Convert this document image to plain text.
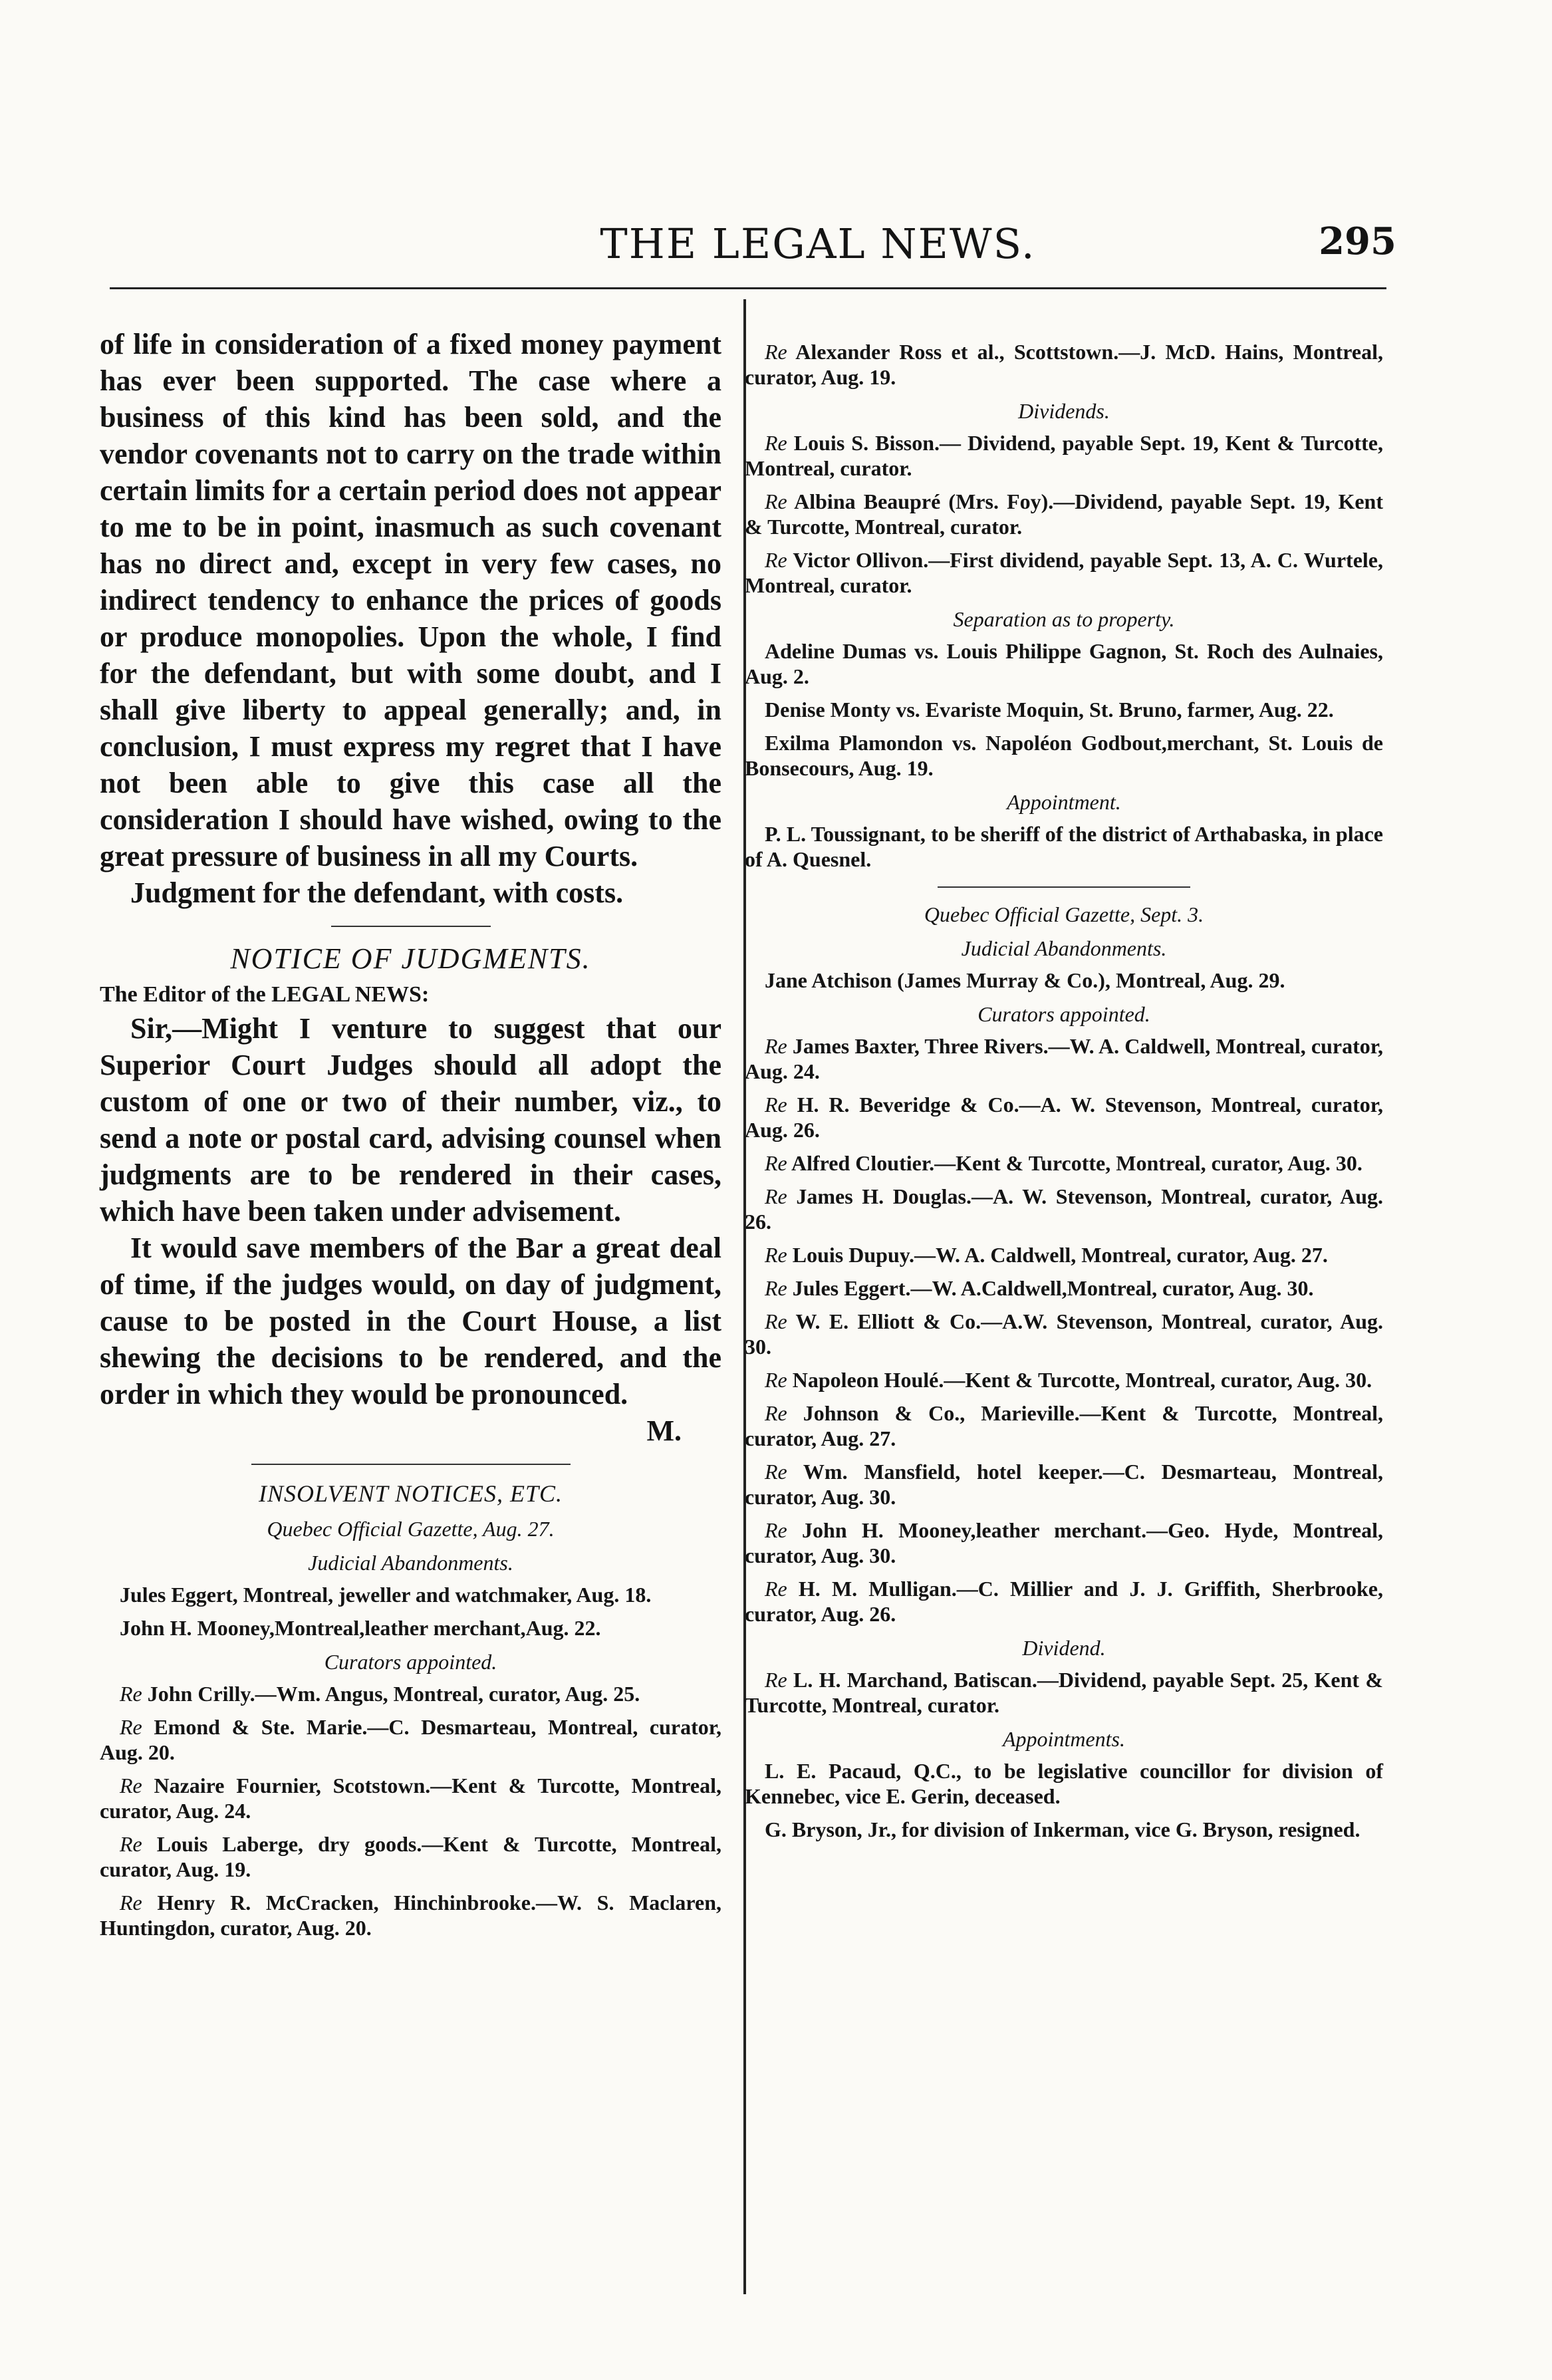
THE LEGAL NEWS.	295

of life in consideration of a fixed money payment has ever been supported. The case where a business of this kind has been sold, and the vendor covenants not to carry on the trade within certain limits for a certain period does not appear to me to be in point, inasmuch as such covenant has no direct and, except in very few cases, no indirect tendency to enhance the prices of goods or produce monopolies. Upon the whole, I find for the defendant, but with some doubt, and I shall give liberty to appeal generally; and, in conclusion, I must express my regret that I have not been able to give this case all the consideration I should have wished, owing to the great pressure of business in all my Courts.

Judgment for the defendant, with costs.

NOTICE OF JUDGMENTS.
The Editor of the LEGAL NEWS:

Sir,—Might I venture to suggest that our Superior Court Judges should all adopt the custom of one or two of their number, viz., to send a note or postal card, advising counsel when judgments are to be rendered in their cases, which have been taken under advisement.

It would save members of the Bar a great deal of time, if the judges would, on day of judgment, cause to be posted in the Court House, a list shewing the decisions to be rendered, and the order in which they would be pronounced.

M.
INSOLVENT NOTICES, ETC.
Quebec Official Gazette, Aug. 27.
Judicial Abandonments.

Jules Eggert, Montreal, jeweller and watchmaker, Aug. 18.

John H. Mooney,Montreal,leather merchant,Aug. 22.

Curators appointed.

Re John Crilly.—Wm. Angus, Montreal, curator, Aug. 25.

Re Emond & Ste. Marie.—C. Desmarteau, Montreal, curator, Aug. 20.

Re Nazaire Fournier, Scotstown.—Kent & Turcotte, Montreal, curator, Aug. 24.

Re Louis Laberge, dry goods.—Kent & Turcotte, Montreal, curator, Aug. 19.

Re Henry R. McCracken, Hinchinbrooke.—W. S. Maclaren, Huntingdon, curator, Aug. 20.

Re Alexander Ross et al., Scottstown.—J. McD. Hains, Montreal, curator, Aug. 19.

Dividends.

Re Louis S. Bisson.— Dividend, payable Sept. 19, Kent & Turcotte, Montreal, curator.

Re Albina Beaupré (Mrs. Foy).—Dividend, payable Sept. 19, Kent & Turcotte, Montreal, curator.

Re Victor Ollivon.—First dividend, payable Sept. 13, A. C. Wurtele, Montreal, curator.

Separation as to property.

Adeline Dumas vs. Louis Philippe Gagnon, St. Roch des Aulnaies, Aug. 2.

Denise Monty vs. Evariste Moquin, St. Bruno, farmer, Aug. 22.

Exilma Plamondon vs. Napoléon Godbout,merchant, St. Louis de Bonsecours, Aug. 19.

Appointment.

P. L. Toussignant, to be sheriff of the district of Arthabaska, in place of A. Quesnel.

Quebec Official Gazette, Sept. 3.
Judicial Abandonments.

Jane Atchison (James Murray & Co.), Montreal, Aug. 29.

Curators appointed.

Re James Baxter, Three Rivers.—W. A. Caldwell, Montreal, curator, Aug. 24.

Re H. R. Beveridge & Co.—A. W. Stevenson, Montreal, curator, Aug. 26.

Re Alfred Cloutier.—Kent & Turcotte, Montreal, curator, Aug. 30.

Re James H. Douglas.—A. W. Stevenson, Montreal, curator, Aug. 26.

Re Louis Dupuy.—W. A. Caldwell, Montreal, curator, Aug. 27.

Re Jules Eggert.—W. A.Caldwell,Montreal, curator, Aug. 30.

Re W. E. Elliott & Co.—A.W. Stevenson, Montreal, curator, Aug. 30.

Re Napoleon Houlé.—Kent & Turcotte, Montreal, curator, Aug. 30.

Re Johnson & Co., Marieville.—Kent & Turcotte, Montreal, curator, Aug. 27.

Re Wm. Mansfield, hotel keeper.—C. Desmarteau, Montreal, curator, Aug. 30.

Re John H. Mooney,leather merchant.—Geo. Hyde, Montreal, curator, Aug. 30.

Re H. M. Mulligan.—C. Millier and J. J. Griffith, Sherbrooke, curator, Aug. 26.

Dividend.

Re L. H. Marchand, Batiscan.—Dividend, payable Sept. 25, Kent & Turcotte, Montreal, curator.

Appointments.

L. E. Pacaud, Q.C., to be legislative councillor for division of Kennebec, vice E. Gerin, deceased.

G. Bryson, Jr., for division of Inkerman, vice G. Bryson, resigned.
